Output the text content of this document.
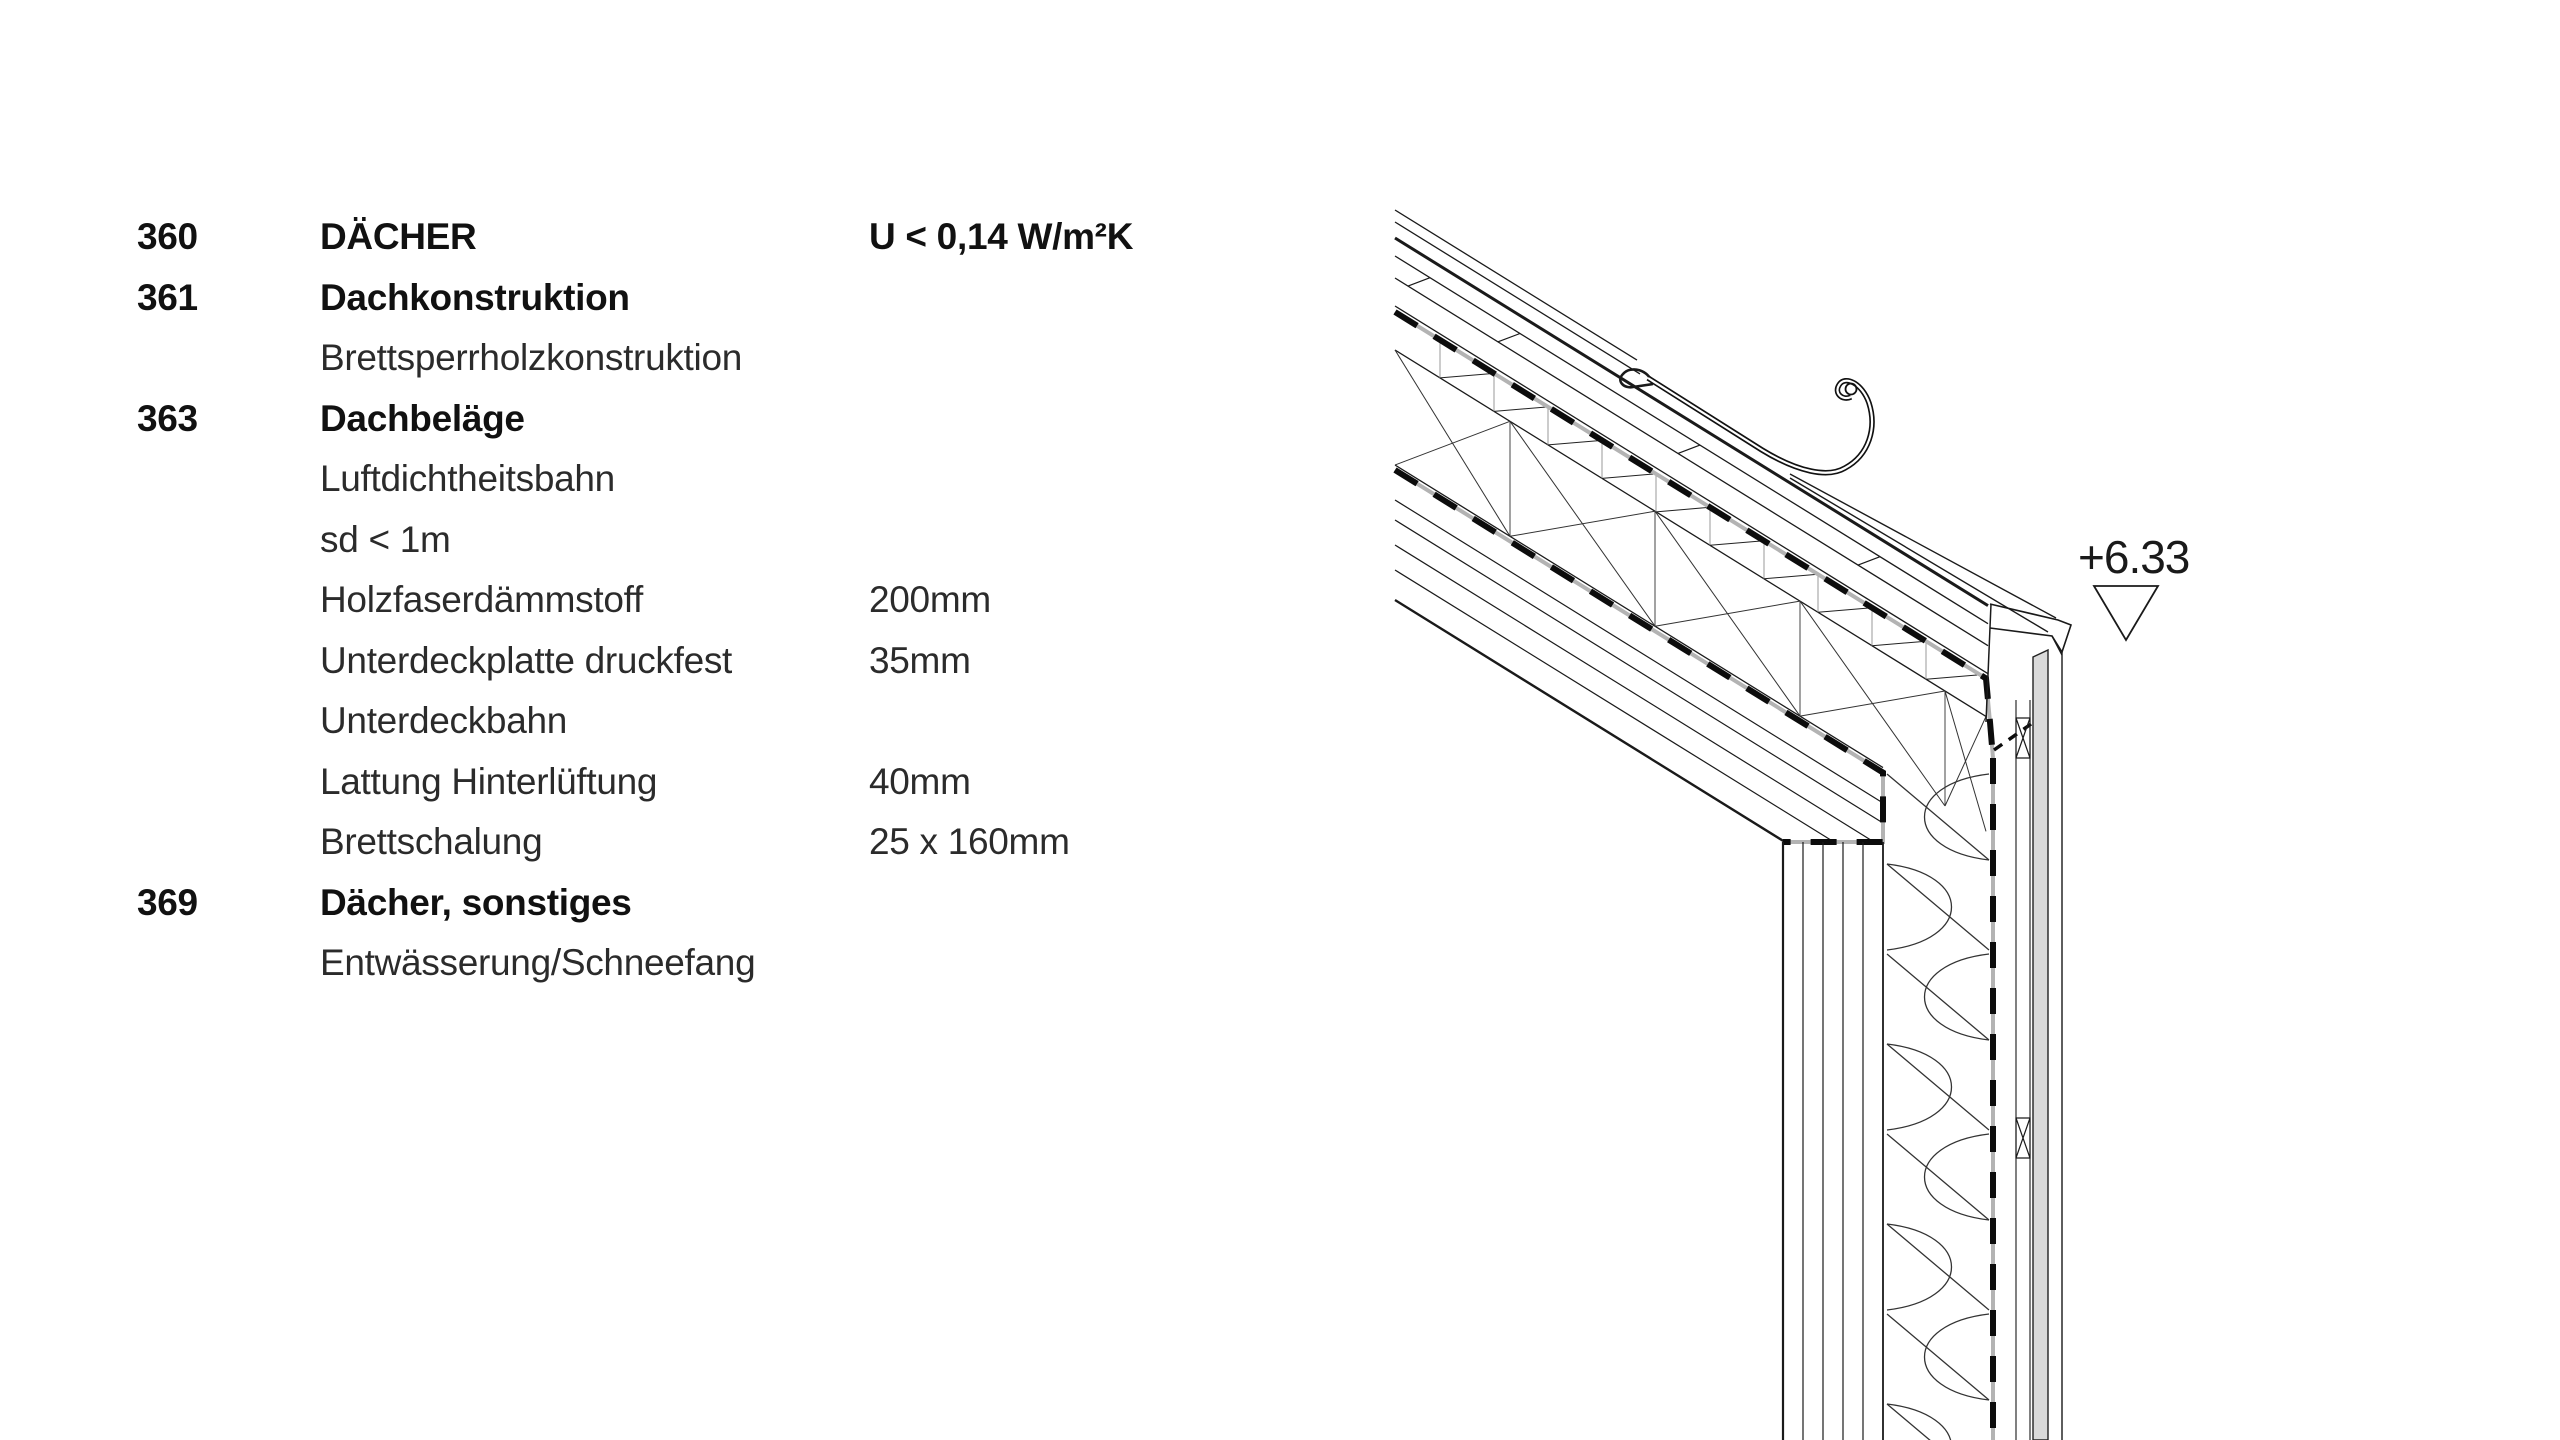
360	DÄCHER	U < 0,14 W/m²K
361	Dachkonstruktion
Brettsperrholzkonstruktion
363	Dachbeläge
Luftdichtheitsbahn
sd < 1m
Holzfaserdämmstoff	200mm
Unterdeckplatte druckfest	35mm
Unterdeckbahn
Lattung Hinterlüftung	40mm
Brettschalung	25 x 160mm
369	Dächer, sonstiges
Entwässerung/Schneefang
+6.33
